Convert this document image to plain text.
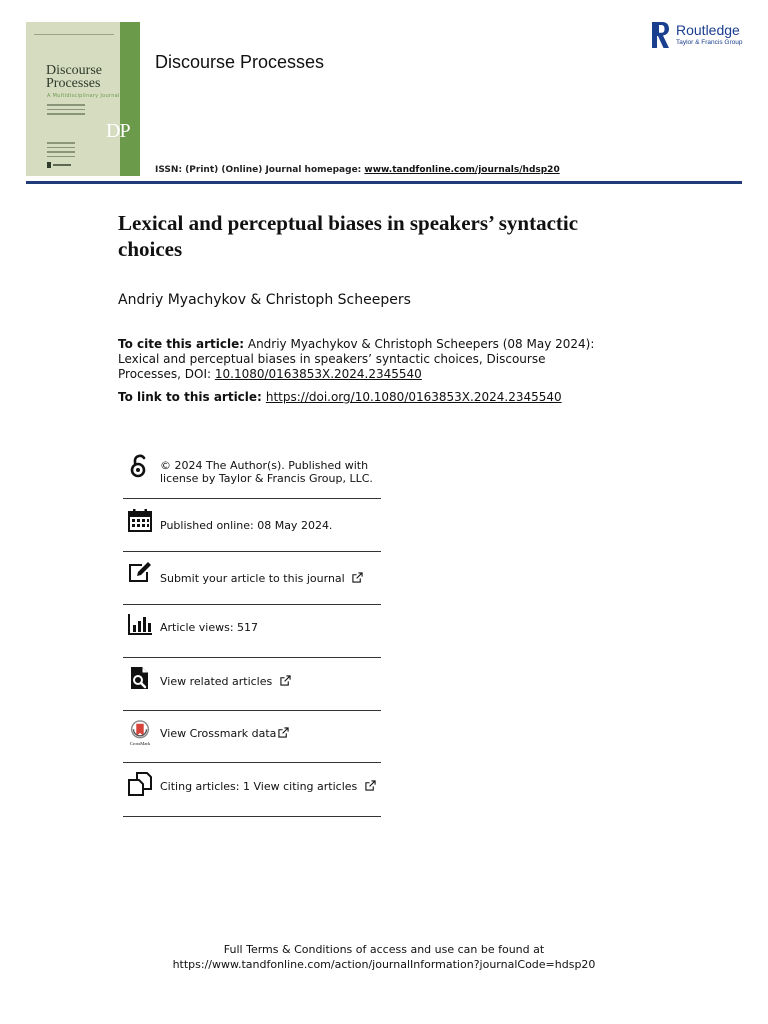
Discourse
Processes
A Multidisciplinary Journal
DP
Discourse Processes
ISSN: (Print) (Online) Journal homepage: www.tandfonline.com/journals/hdsp20
Routledge
Taylor & Francis Group
Lexical and perceptual biases in speakers’ syntactic choices
Andriy Myachykov & Christoph Scheepers
To cite this article: Andriy Myachykov & Christoph Scheepers (08 May 2024): Lexical and perceptual biases in speakers’ syntactic choices, Discourse Processes, DOI: 10.1080/0163853X.2024.2345540
To link to this article: https://doi.org/10.1080/0163853X.2024.2345540
© 2024 The Author(s). Published with license by Taylor & Francis Group, LLC.
Published online: 08 May 2024.
Submit your article to this journal
Article views: 517
View related articles
CrossMark
View Crossmark data
Citing articles: 1 View citing articles
Full Terms & Conditions of access and use can be found at
https://www.tandfonline.com/action/journalInformation?journalCode=hdsp20
